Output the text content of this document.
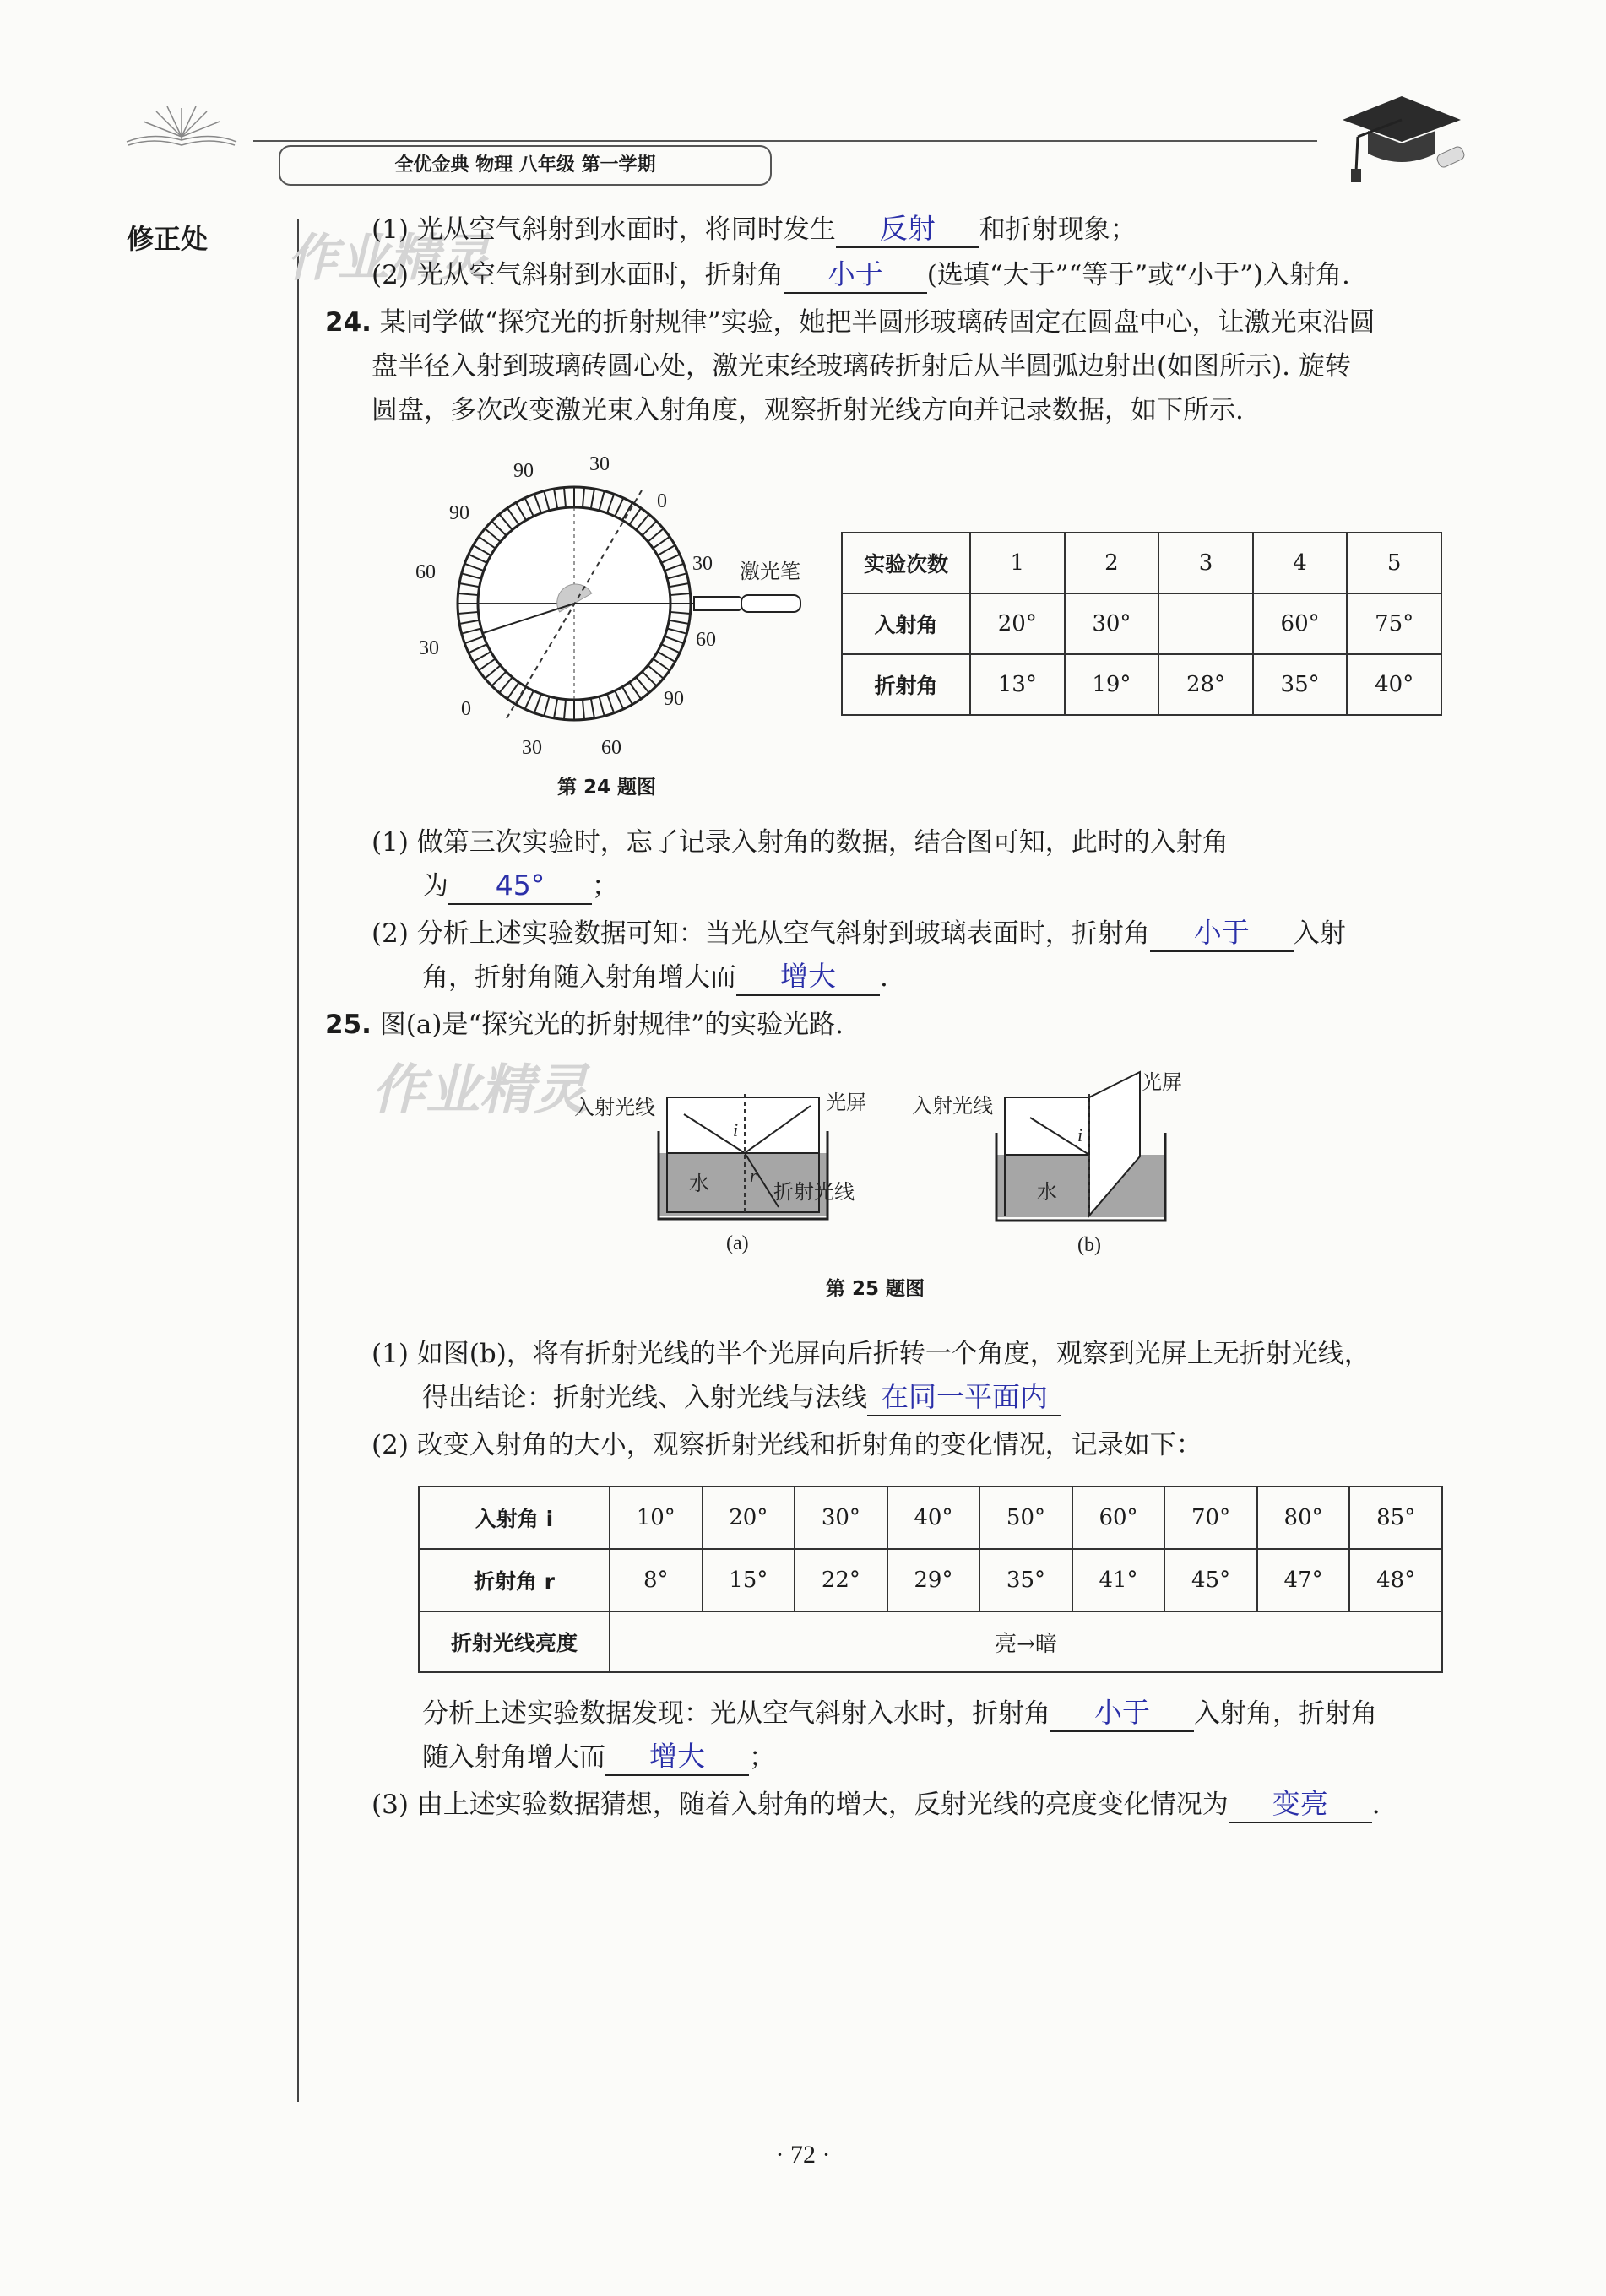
全优金典 物理 八年级 第一学期
修正处 作业精灵
作业精灵
(1) 光从空气斜射到水面时，将同时发生 反射 和折射现象；
(2) 光从空气斜射到水面时，折射角 小于 (选填“大于”“等于”或“小于”)入射角.
24. 某同学做“探究光的折射规律”实验，她把半圆形玻璃砖固定在圆盘中心，让激光束沿圆
盘半径入射到玻璃砖圆心处，激光束经玻璃砖折射后从半圆弧边射出(如图所示). 旋转
圆盘，多次改变激光束入射角度，观察折射光线方向并记录数据，如下所示.
90	30
0
90
30
60
60
30
0	90
30	60
激光笔
第 24 题图
实验次数	1	2	3	4	5
入射角	20°	30°		60°	75°
折射角	13°	19°	28°	35°	40°
(1) 做第三次实验时，忘了记录入射角的数据，结合图可知，此时的入射角
为 45° ；
(2) 分析上述实验数据可知：当光从空气斜射到玻璃表面时，折射角 小于 入射
角，折射角随入射角增大而 增大 .
25. 图(a)是“探究光的折射规律”的实验光路.
入射光线	光屏
水	折射光线
(a)
i
r
入射光线
光屏
水
(b)
i
第 25 题图
(1) 如图(b)，将有折射光线的半个光屏向后折转一个角度，观察到光屏上无折射光线，
得出结论：折射光线、入射光线与法线 在同一平面内
(2) 改变入射角的大小，观察折射光线和折射角的变化情况，记录如下：
入射角 i	10°	20°	30°	40°	50°	60°	70°	80°	85°
折射角 r	8°	15°	22°	29°	35°	41°	45°	47°	48°
折射光线亮度	亮→暗								
分析上述实验数据发现：光从空气斜射入水时，折射角 小于 入射角，折射角
随入射角增大而 增大 ；
(3) 由上述实验数据猜想，随着入射角的增大，反射光线的亮度变化情况为 变亮 .
· 72 ·
